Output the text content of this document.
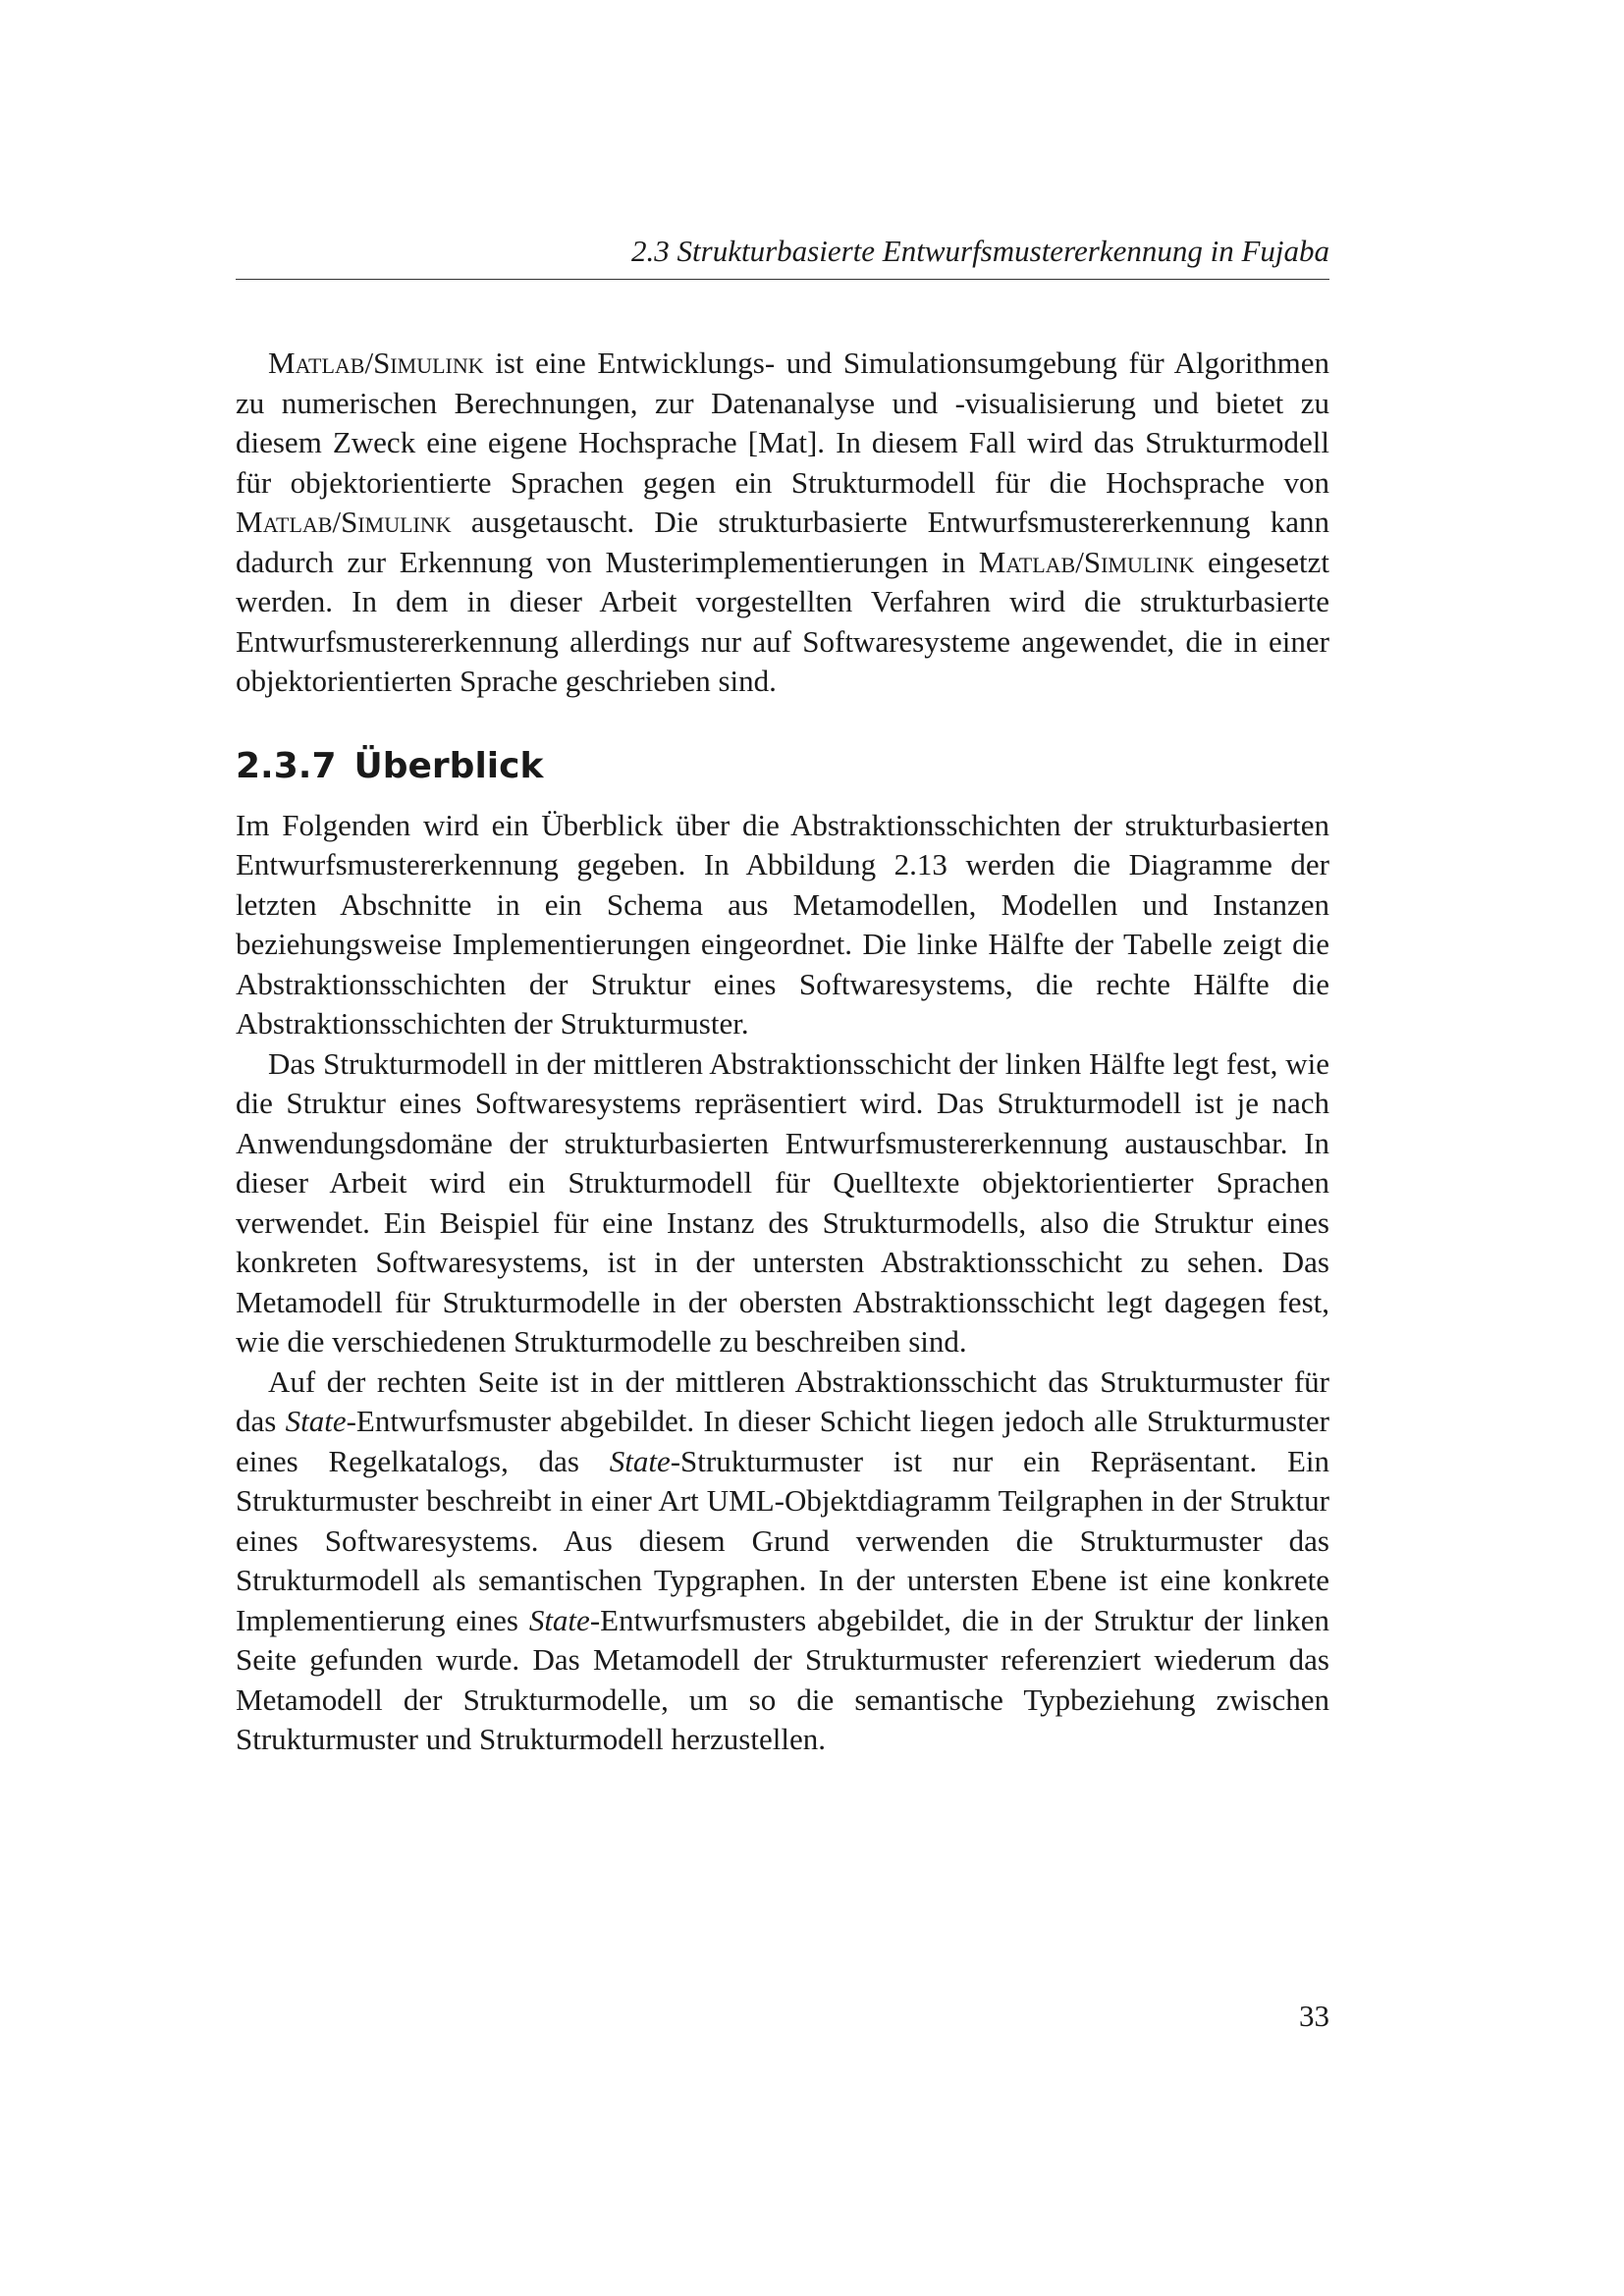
2.3 Strukturbasierte Entwurfsmustererkennung in Fujaba

Matlab/Simulink ist eine Entwicklungs- und Simulationsumgebung für Algorithmen zu numerischen Berechnungen, zur Datenanalyse und -visualisierung und bietet zu diesem Zweck eine eigene Hochsprache [Mat]. In diesem Fall wird das Strukturmodell für objektorientierte Sprachen gegen ein Strukturmodell für die Hochsprache von Matlab/Simulink ausgetauscht. Die strukturbasierte Entwurfsmustererkennung kann dadurch zur Erkennung von Musterimplementierungen in Matlab/Simulink eingesetzt werden. In dem in dieser Arbeit vorgestellten Verfahren wird die strukturbasierte Entwurfsmustererkennung allerdings nur auf Softwaresysteme angewendet, die in einer objektorientierten Sprache geschrieben sind.

2.3.7 Überblick

Im Folgenden wird ein Überblick über die Abstraktionsschichten der strukturbasierten Entwurfsmustererkennung gegeben. In Abbildung 2.13 werden die Diagramme der letzten Abschnitte in ein Schema aus Metamodellen, Modellen und Instanzen beziehungsweise Implementierungen eingeordnet. Die linke Hälfte der Tabelle zeigt die Abstraktionsschichten der Struktur eines Softwaresystems, die rechte Hälfte die Abstraktionsschichten der Strukturmuster.

Das Strukturmodell in der mittleren Abstraktionsschicht der linken Hälfte legt fest, wie die Struktur eines Softwaresystems repräsentiert wird. Das Strukturmodell ist je nach Anwendungsdomäne der strukturbasierten Entwurfsmustererkennung austauschbar. In dieser Arbeit wird ein Strukturmodell für Quelltexte objektorientierter Sprachen verwendet. Ein Beispiel für eine Instanz des Strukturmodells, also die Struktur eines konkreten Softwaresystems, ist in der untersten Abstraktionsschicht zu sehen. Das Metamodell für Strukturmodelle in der obersten Abstraktionsschicht legt dagegen fest, wie die verschiedenen Strukturmodelle zu beschreiben sind.

Auf der rechten Seite ist in der mittleren Abstraktionsschicht das Strukturmuster für das State-Entwurfsmuster abgebildet. In dieser Schicht liegen jedoch alle Strukturmuster eines Regelkatalogs, das State-Strukturmuster ist nur ein Repräsentant. Ein Strukturmuster beschreibt in einer Art UML-Objektdiagramm Teilgraphen in der Struktur eines Softwaresystems. Aus diesem Grund verwenden die Strukturmuster das Strukturmodell als semantischen Typgraphen. In der untersten Ebene ist eine konkrete Implementierung eines State-Entwurfsmusters abgebildet, die in der Struktur der linken Seite gefunden wurde. Das Metamodell der Strukturmuster referenziert wiederum das Metamodell der Strukturmodelle, um so die semantische Typbeziehung zwischen Strukturmuster und Strukturmodell herzustellen.

33
